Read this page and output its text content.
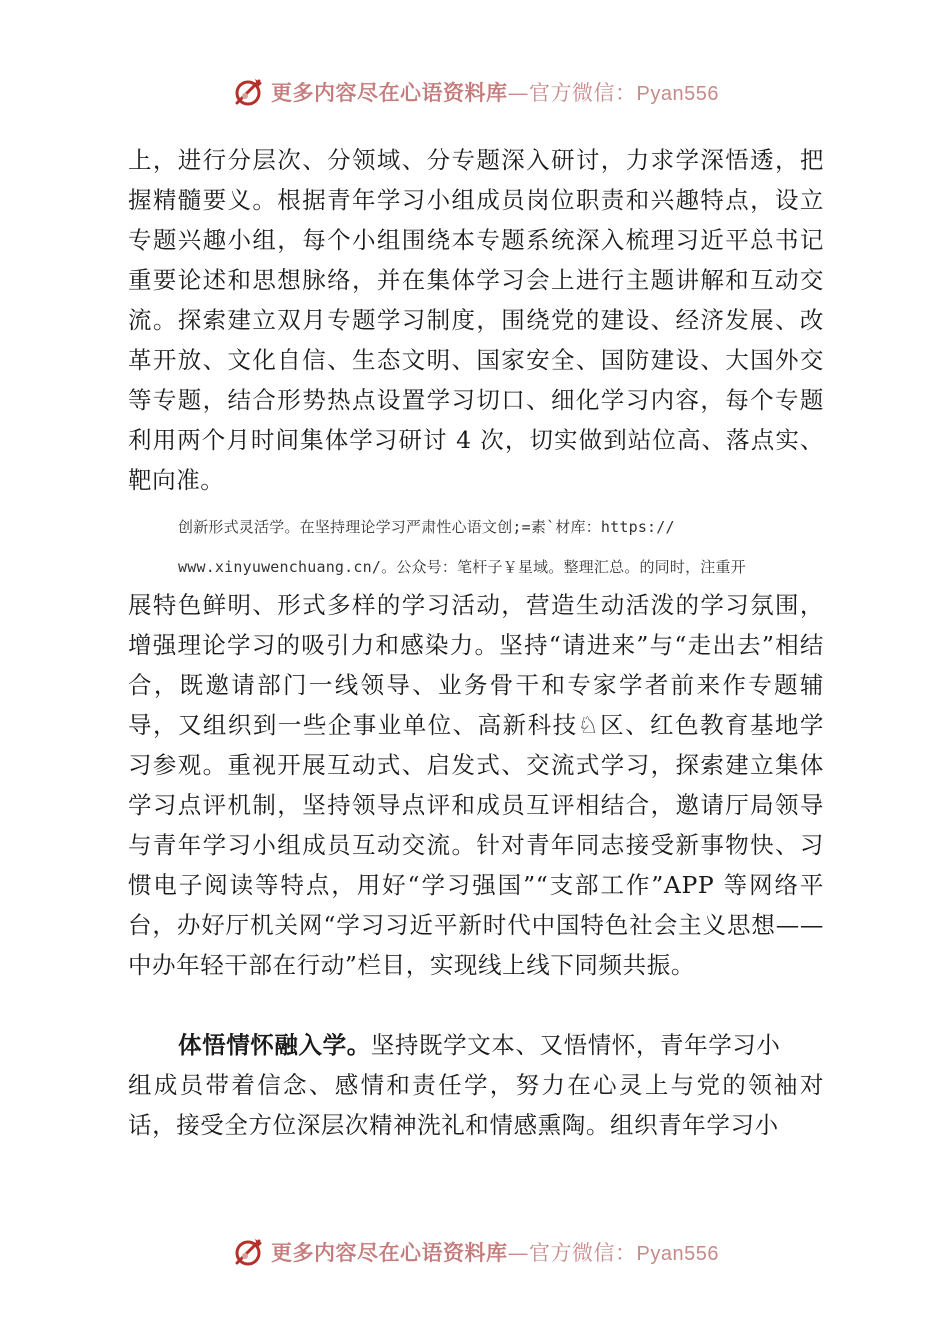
更多内容尽在心语资料库—官方微信：Pyan556
上，进行分层次、分领域、分专题深入研讨，力求学深悟透，把握精髓要义。根据青年学习小组成员岗位职责和兴趣特点，设立专题兴趣小组，每个小组围绕本专题系统深入梳理习近平总书记重要论述和思想脉络，并在集体学习会上进行主题讲解和互动交流。探索建立双月专题学习制度，围绕党的建设、经济发展、改革开放、文化自信、生态文明、国家安全、国防建设、大国外交等专题，结合形势热点设置学习切口、细化学习内容，每个专题利用两个月时间集体学习研讨 4 次，切实做到站位高、落点实、靶向准。
创新形式灵活学。在坚持理论学习严肃性心语文创;=素`材库：https://
www.xinyuwenchuang.cn/。公众号：笔杆子￥星域。整理汇总。的同时，注重开
展特色鲜明、形式多样的学习活动，营造生动活泼的学习氛围，增强理论学习的吸引力和感染力。坚持“请进来”与“走出去”相结合，既邀请部门一线领导、业务骨干和专家学者前来作专题辅导，又组织到一些企事业单位、高新科技♘区、红色教育基地学习参观。重视开展互动式、启发式、交流式学习，探索建立集体学习点评机制，坚持领导点评和成员互评相结合，邀请厅局领导与青年学习小组成员互动交流。针对青年同志接受新事物快、习惯电子阅读等特点，用好“学习强国”“支部工作”APP 等网络平台，办好厅机关网“学习习近平新时代中国特色社会主义思想——中办年轻干部在行动”栏目，实现线上线下同频共振。
体悟情怀融入学。坚持既学文本、又悟情怀，青年学习小
组成员带着信念、感情和责任学，努力在心灵上与党的领袖对 话，接受全方位深层次精神洗礼和情感熏陶。组织青年学习小
更多内容尽在心语资料库—官方微信：Pyan556
